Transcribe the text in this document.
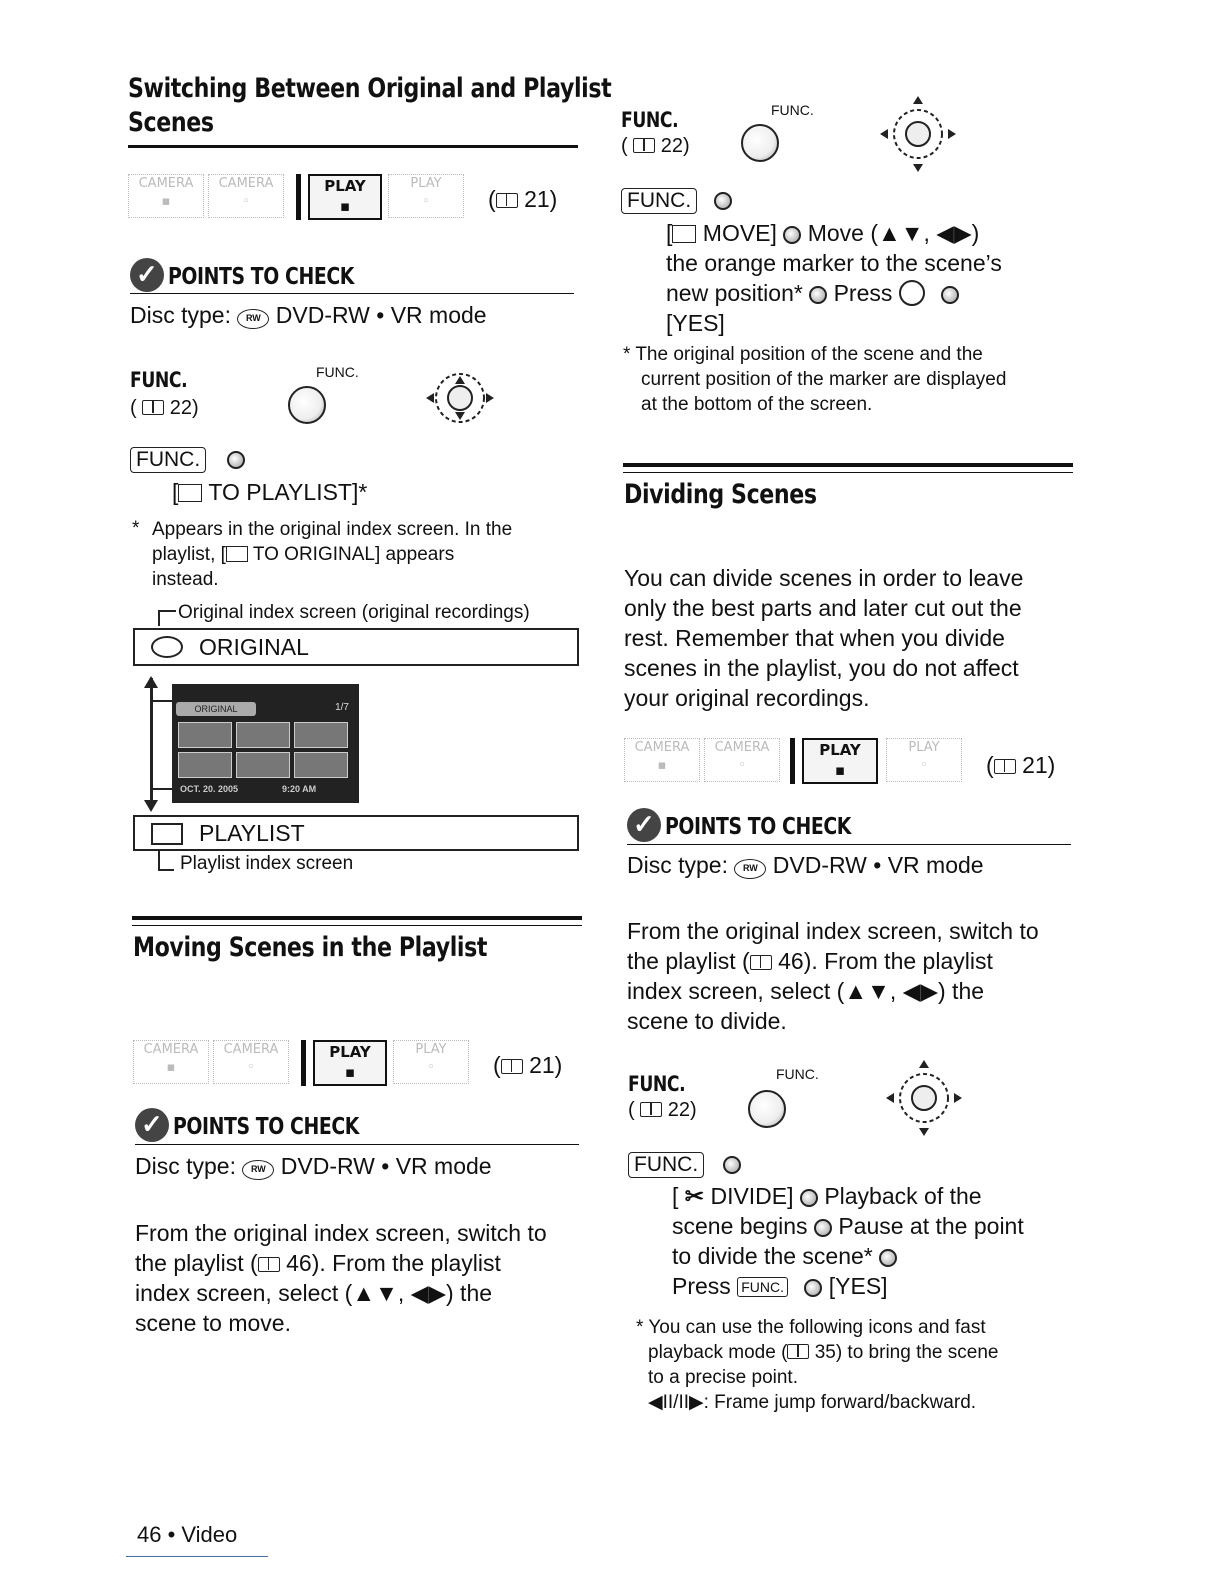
Switching Between Original and Playlist
Scenes
CAMERA
▪
CAMERA
◦
PLAY
▪
PLAY
◦	( 21)
✓ POINTS TO CHECK
Disc type: RW DVD-RW • VR mode
FUNC.
(  22)
FUNC.
FUNC.
[ TO PLAYLIST]*
* Appears in the original index screen. In the
playlist, [ TO ORIGINAL] appears
instead.
Original index screen (original recordings)
ORIGINAL
ORIGINAL	1/7
OCT. 20. 2005	9:20 AM
PLAYLIST
Playlist index screen
Moving Scenes in the Playlist
CAMERA
▪
CAMERA
◦
PLAY
▪
PLAY
◦	( 21)
✓ POINTS TO CHECK
Disc type: RW DVD-RW • VR mode
From the original index screen, switch to
the playlist ( 46). From the playlist
index screen, select (▲▼, ◀▶) the
scene to move.
46 • Video
FUNC.
(  22)
FUNC.
FUNC.
[ MOVE] Move (▲▼, ◀▶)
the orange marker to the scene’s
new position* Press
[YES]
* The original position of the scene and the
current position of the marker are displayed
at the bottom of the screen.
Dividing Scenes
You can divide scenes in order to leave
only the best parts and later cut out the
rest. Remember that when you divide
scenes in the playlist, you do not affect
your original recordings.
CAMERA
▪
CAMERA
◦
PLAY
▪
PLAY
◦	( 21)
✓ POINTS TO CHECK
Disc type: RW DVD-RW • VR mode
From the original index screen, switch to
the playlist ( 46). From the playlist
index screen, select (▲▼, ◀▶) the
scene to divide.
FUNC.
(  22)
FUNC.
FUNC.
[ ✂ DIVIDE] Playback of the
scene begins Pause at the point
to divide the scene*
Press FUNC. [YES]
* You can use the following icons and fast
playback mode ( 35) to bring the scene
to a precise point.
◀II/II▶: Frame jump forward/backward.
